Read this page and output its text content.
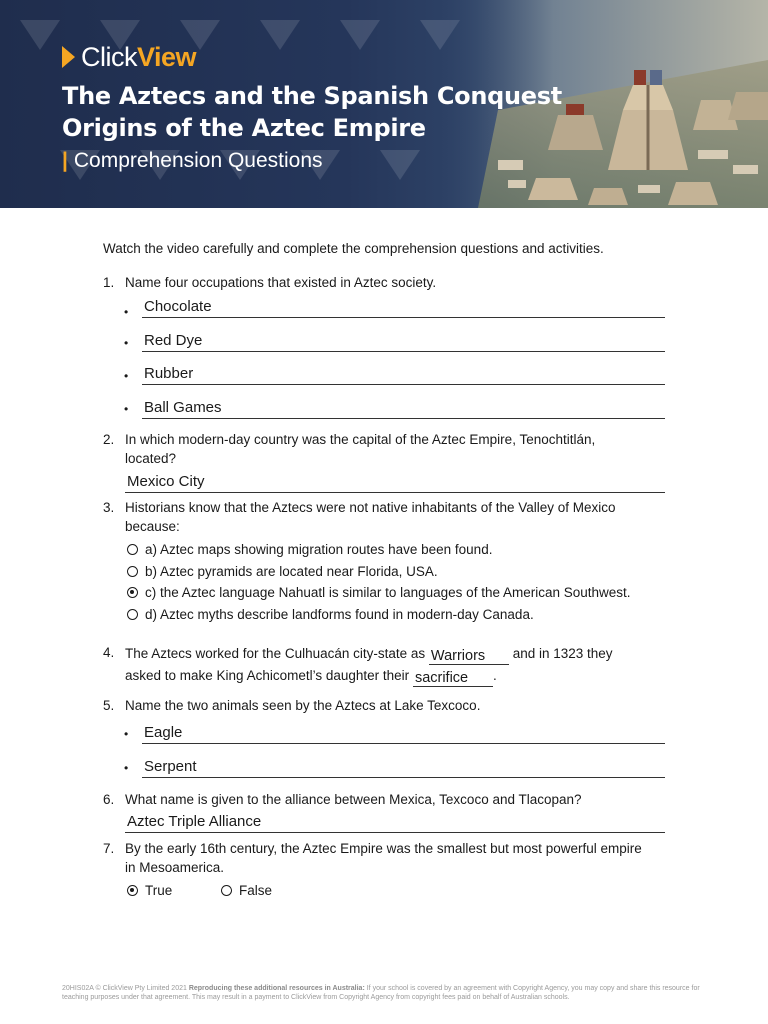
Click View
The Aztecs and the Spanish Conquest
Origins of the Aztec Empire
| Comprehension Questions
Watch the video carefully and complete the comprehension questions and activities.
1. Name four occupations that existed in Aztec society.
• Chocolate
• Red Dye
• Rubber
• Ball Games
2. In which modern-day country was the capital of the Aztec Empire, Tenochtitlán, located?
Mexico City
3. Historians know that the Aztecs were not native inhabitants of the Valley of Mexico because:
a) Aztec maps showing migration routes have been found.
b) Aztec pyramids are located near Florida, USA.
c) the Aztec language Nahuatl is similar to languages of the American Southwest.
d) Aztec myths describe landforms found in modern-day Canada.
4. The Aztecs worked for the Culhuacán city-state as Warriors and in 1323 they
asked to make King Achicometl’s daughter their sacrifice .
5. Name the two animals seen by the Aztecs at Lake Texcoco.
• Eagle
• Serpent
6. What name is given to the alliance between Mexica, Texcoco and Tlacopan?
Aztec Triple Alliance
7. By the early 16th century, the Aztec Empire was the smallest but most powerful empire in Mesoamerica.
True	False
20HIS02A © ClickView Pty Limited 2021 Reproducing these additional resources in Australia: If your school is covered by an agreement with Copyright Agency, you may copy and share this resource for teaching purposes under that agreement. This may result in a payment to ClickView from Copyright Agency from copyright fees paid on behalf of Australian schools.
